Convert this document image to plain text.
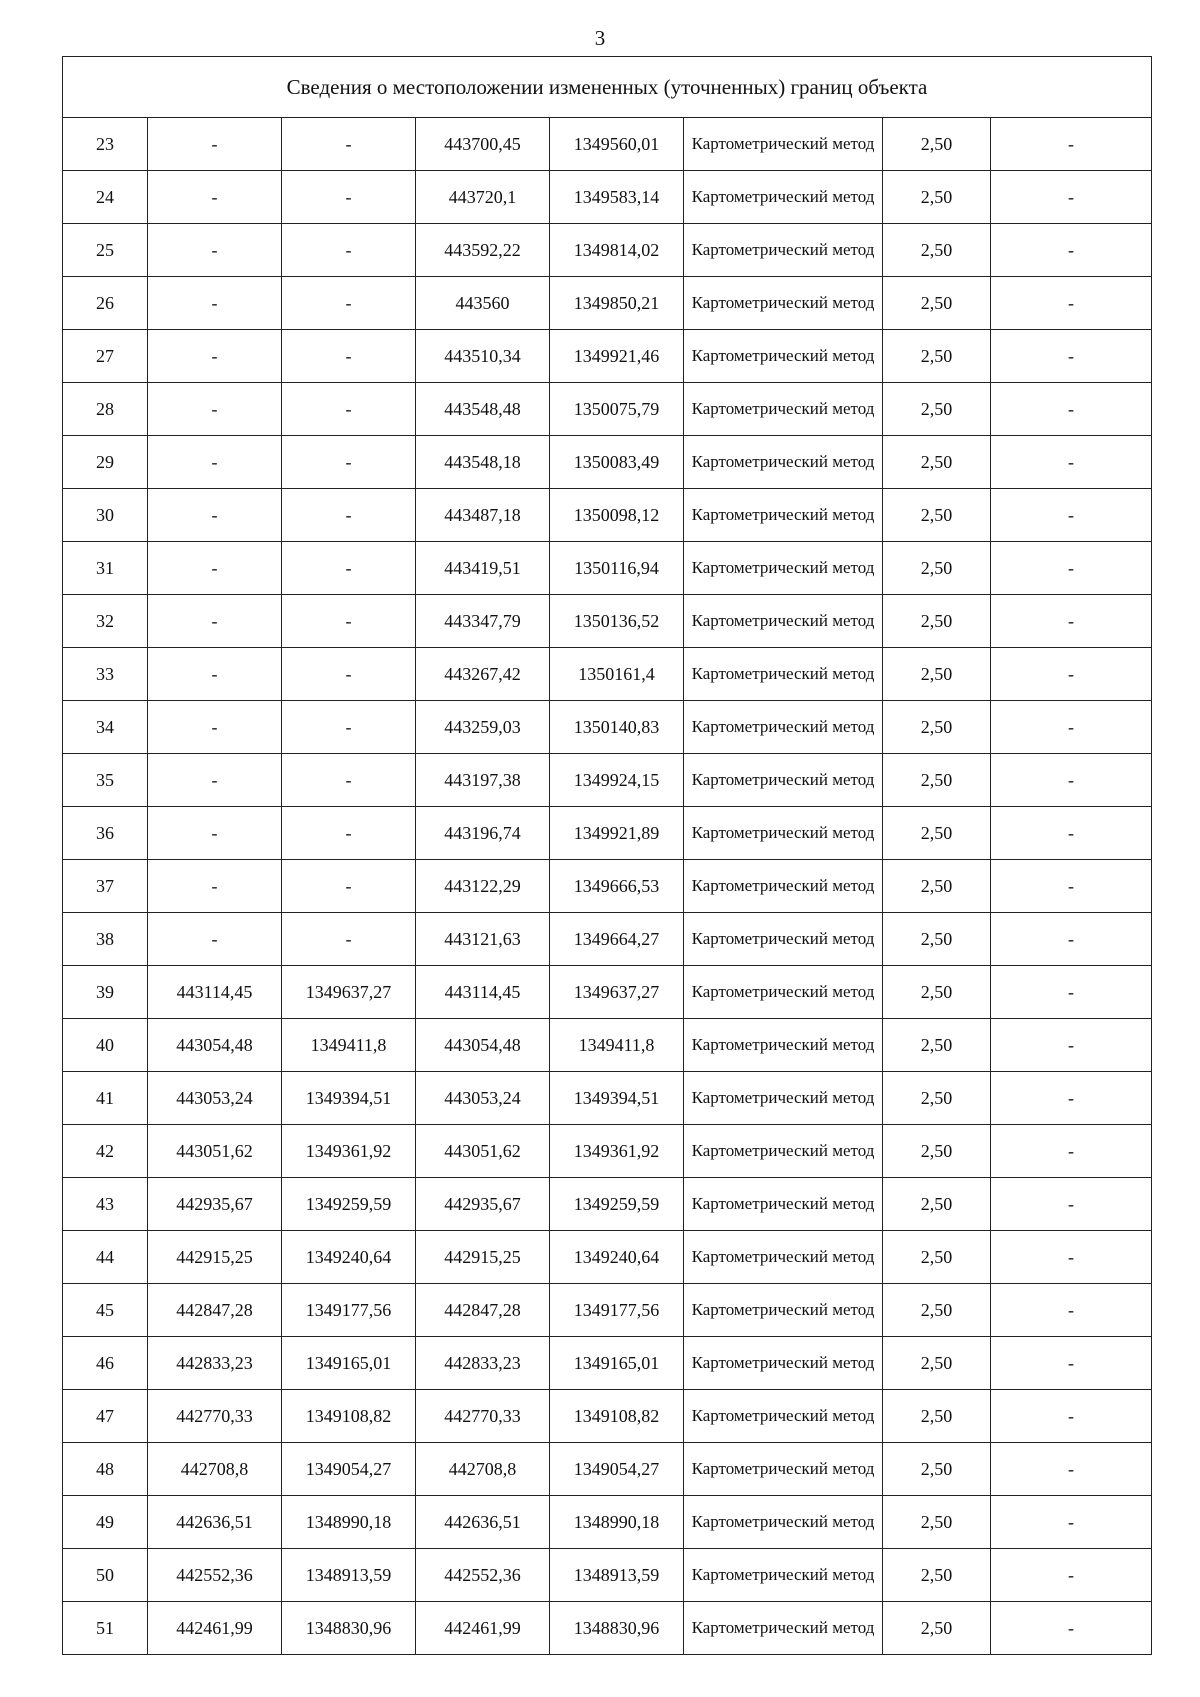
3
Сведения о местоположении измененных (уточненных) границ объекта							
23	-	-	443700,45	1349560,01	Картометрический метод	2,50	-
24	-	-	443720,1	1349583,14	Картометрический метод	2,50	-
25	-	-	443592,22	1349814,02	Картометрический метод	2,50	-
26	-	-	443560	1349850,21	Картометрический метод	2,50	-
27	-	-	443510,34	1349921,46	Картометрический метод	2,50	-
28	-	-	443548,48	1350075,79	Картометрический метод	2,50	-
29	-	-	443548,18	1350083,49	Картометрический метод	2,50	-
30	-	-	443487,18	1350098,12	Картометрический метод	2,50	-
31	-	-	443419,51	1350116,94	Картометрический метод	2,50	-
32	-	-	443347,79	1350136,52	Картометрический метод	2,50	-
33	-	-	443267,42	1350161,4	Картометрический метод	2,50	-
34	-	-	443259,03	1350140,83	Картометрический метод	2,50	-
35	-	-	443197,38	1349924,15	Картометрический метод	2,50	-
36	-	-	443196,74	1349921,89	Картометрический метод	2,50	-
37	-	-	443122,29	1349666,53	Картометрический метод	2,50	-
38	-	-	443121,63	1349664,27	Картометрический метод	2,50	-
39	443114,45	1349637,27	443114,45	1349637,27	Картометрический метод	2,50	-
40	443054,48	1349411,8	443054,48	1349411,8	Картометрический метод	2,50	-
41	443053,24	1349394,51	443053,24	1349394,51	Картометрический метод	2,50	-
42	443051,62	1349361,92	443051,62	1349361,92	Картометрический метод	2,50	-
43	442935,67	1349259,59	442935,67	1349259,59	Картометрический метод	2,50	-
44	442915,25	1349240,64	442915,25	1349240,64	Картометрический метод	2,50	-
45	442847,28	1349177,56	442847,28	1349177,56	Картометрический метод	2,50	-
46	442833,23	1349165,01	442833,23	1349165,01	Картометрический метод	2,50	-
47	442770,33	1349108,82	442770,33	1349108,82	Картометрический метод	2,50	-
48	442708,8	1349054,27	442708,8	1349054,27	Картометрический метод	2,50	-
49	442636,51	1348990,18	442636,51	1348990,18	Картометрический метод	2,50	-
50	442552,36	1348913,59	442552,36	1348913,59	Картометрический метод	2,50	-
51	442461,99	1348830,96	442461,99	1348830,96	Картометрический метод	2,50	-
